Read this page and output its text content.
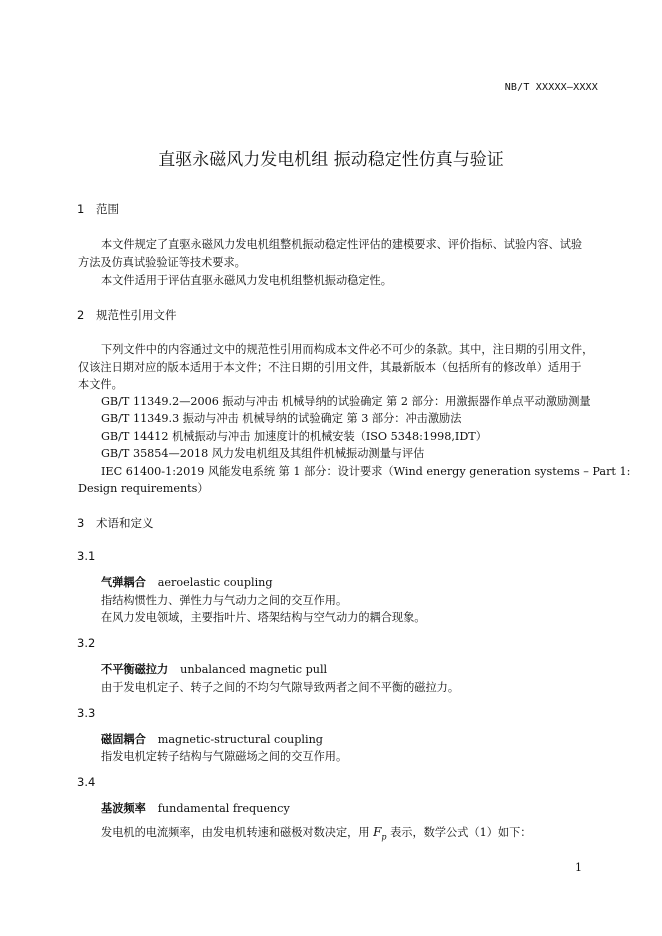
NB/T XXXXX—XXXX
直驱永磁风力发电机组 振动稳定性仿真与验证
1 范围
本文件规定了直驱永磁风力发电机组整机振动稳定性评估的建模要求、评价指标、试验内容、试验
方法及仿真试验验证等技术要求。
本文件适用于评估直驱永磁风力发电机组整机振动稳定性。
2 规范性引用文件
下列文件中的内容通过文中的规范性引用而构成本文件必不可少的条款。其中，注日期的引用文件，
仅该注日期对应的版本适用于本文件；不注日期的引用文件，其最新版本（包括所有的修改单）适用于
本文件。
GB/T 11349.2—2006 振动与冲击 机械导纳的试验确定 第 2 部分：用激振器作单点平动激励测量
GB/T 11349.3 振动与冲击 机械导纳的试验确定 第 3 部分：冲击激励法
GB/T 14412 机械振动与冲击 加速度计的机械安装（ISO 5348:1998,IDT）
GB/T 35854—2018 风力发电机组及其组件机械振动测量与评估
IEC 61400-1:2019 风能发电系统 第 1 部分：设计要求（Wind energy generation systems – Part 1:
Design requirements）
3 术语和定义
3.1
气弹耦合 aeroelastic coupling
指结构惯性力、弹性力与气动力之间的交互作用。
在风力发电领域，主要指叶片、塔架结构与空气动力的耦合现象。
3.2
不平衡磁拉力 unbalanced magnetic pull
由于发电机定子、转子之间的不均匀气隙导致两者之间不平衡的磁拉力。
3.3
磁固耦合 magnetic-structural coupling
指发电机定转子结构与气隙磁场之间的交互作用。
3.4
基波频率 fundamental frequency
发电机的电流频率，由发电机转速和磁极对数决定，用 $F_p$ 表示，数学公式（1）如下：
1
